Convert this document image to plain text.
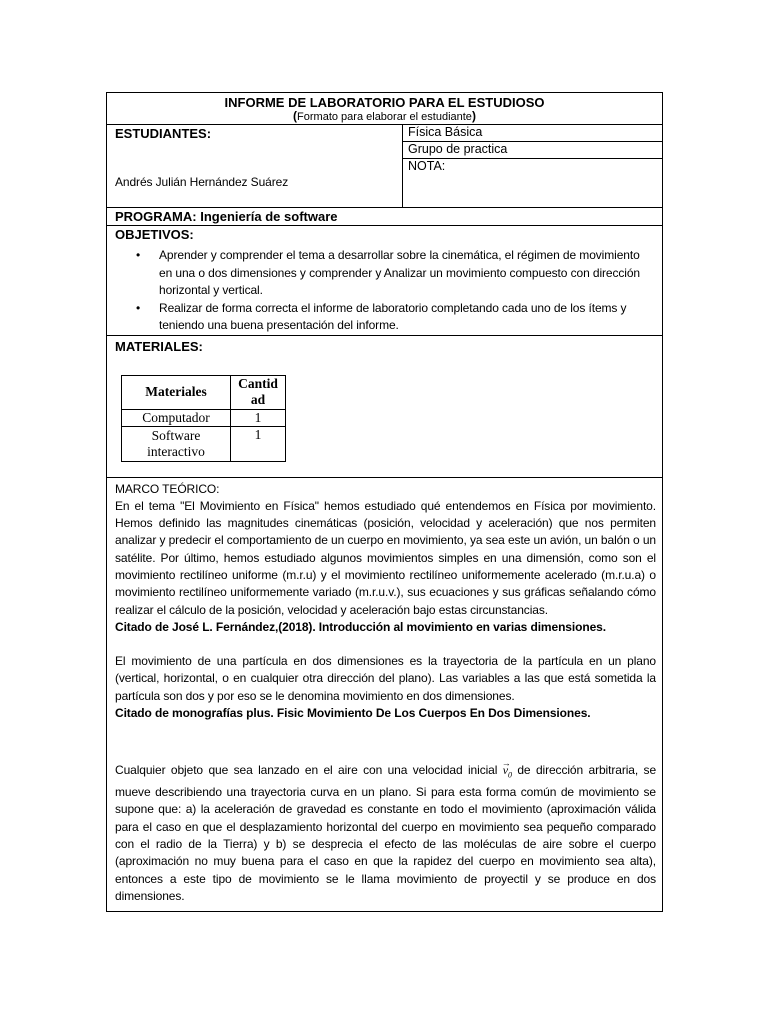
INFORME DE LABORATORIO PARA EL ESTUDIOSO
(Formato para elaborar el estudiante)

ESTUDIANTES:
Andrés Julián Hernández Suárez
	Física Básica
Grupo de practica
NOTA:
PROGRAMA: Ingeniería de software

OBJETIVOS:
• Aprender y comprender el tema a desarrollar sobre la cinemática, el régimen de movimiento en una o dos dimensiones y comprender y Analizar un movimiento compuesto con dirección horizontal y vertical.
• Realizar de forma correcta el informe de laboratorio completando cada uno de los ítems y teniendo una buena presentación del informe.

MATERIALES:
Materiales	Cantid ad
Computador	1
Software interactivo	1

MARCO TEÓRICO:

En el tema "El Movimiento en Física" hemos estudiado qué entendemos en Física por movimiento. Hemos definido las magnitudes cinemáticas (posición, velocidad y aceleración) que nos permiten analizar y predecir el comportamiento de un cuerpo en movimiento, ya sea este un avión, un balón o un satélite. Por último, hemos estudiado algunos movimientos simples en una dimensión, como son el movimiento rectilíneo uniforme (m.r.u) y el movimiento rectilíneo uniformemente acelerado (m.r.u.a) o movimiento rectilíneo uniformemente variado (m.r.u.v.), sus ecuaciones y sus gráficas señalando cómo realizar el cálculo de la posición, velocidad y aceleración bajo estas circunstancias.

Citado de José L. Fernández,(2018). Introducción al movimiento en varias dimensiones.

El movimiento de una partícula en dos dimensiones es la trayectoria de la partícula en un plano (vertical, horizontal, o en cualquier otra dirección del plano). Las variables a las que está sometida la partícula son dos y por eso se le denomina movimiento en dos dimensiones.

Citado de monografías plus. Fisic Movimiento De Los Cuerpos En Dos Dimensiones.

Cualquier objeto que sea lanzado en el aire con una velocidad inicial → $v_0$ de dirección arbitraria, se mueve describiendo una trayectoria curva en un plano. Si para esta forma común de movimiento se supone que: a) la aceleración de gravedad es constante en todo el movimiento (aproximación válida para el caso en que el desplazamiento horizontal del cuerpo en movimiento sea pequeño comparado con el radio de la Tierra) y b) se desprecia el efecto de las moléculas de aire sobre el cuerpo (aproximación no muy buena para el caso en que la rapidez del cuerpo en movimiento sea alta), entonces a este tipo de movimiento se le llama movimiento de proyectil y se produce en dos dimensiones.
